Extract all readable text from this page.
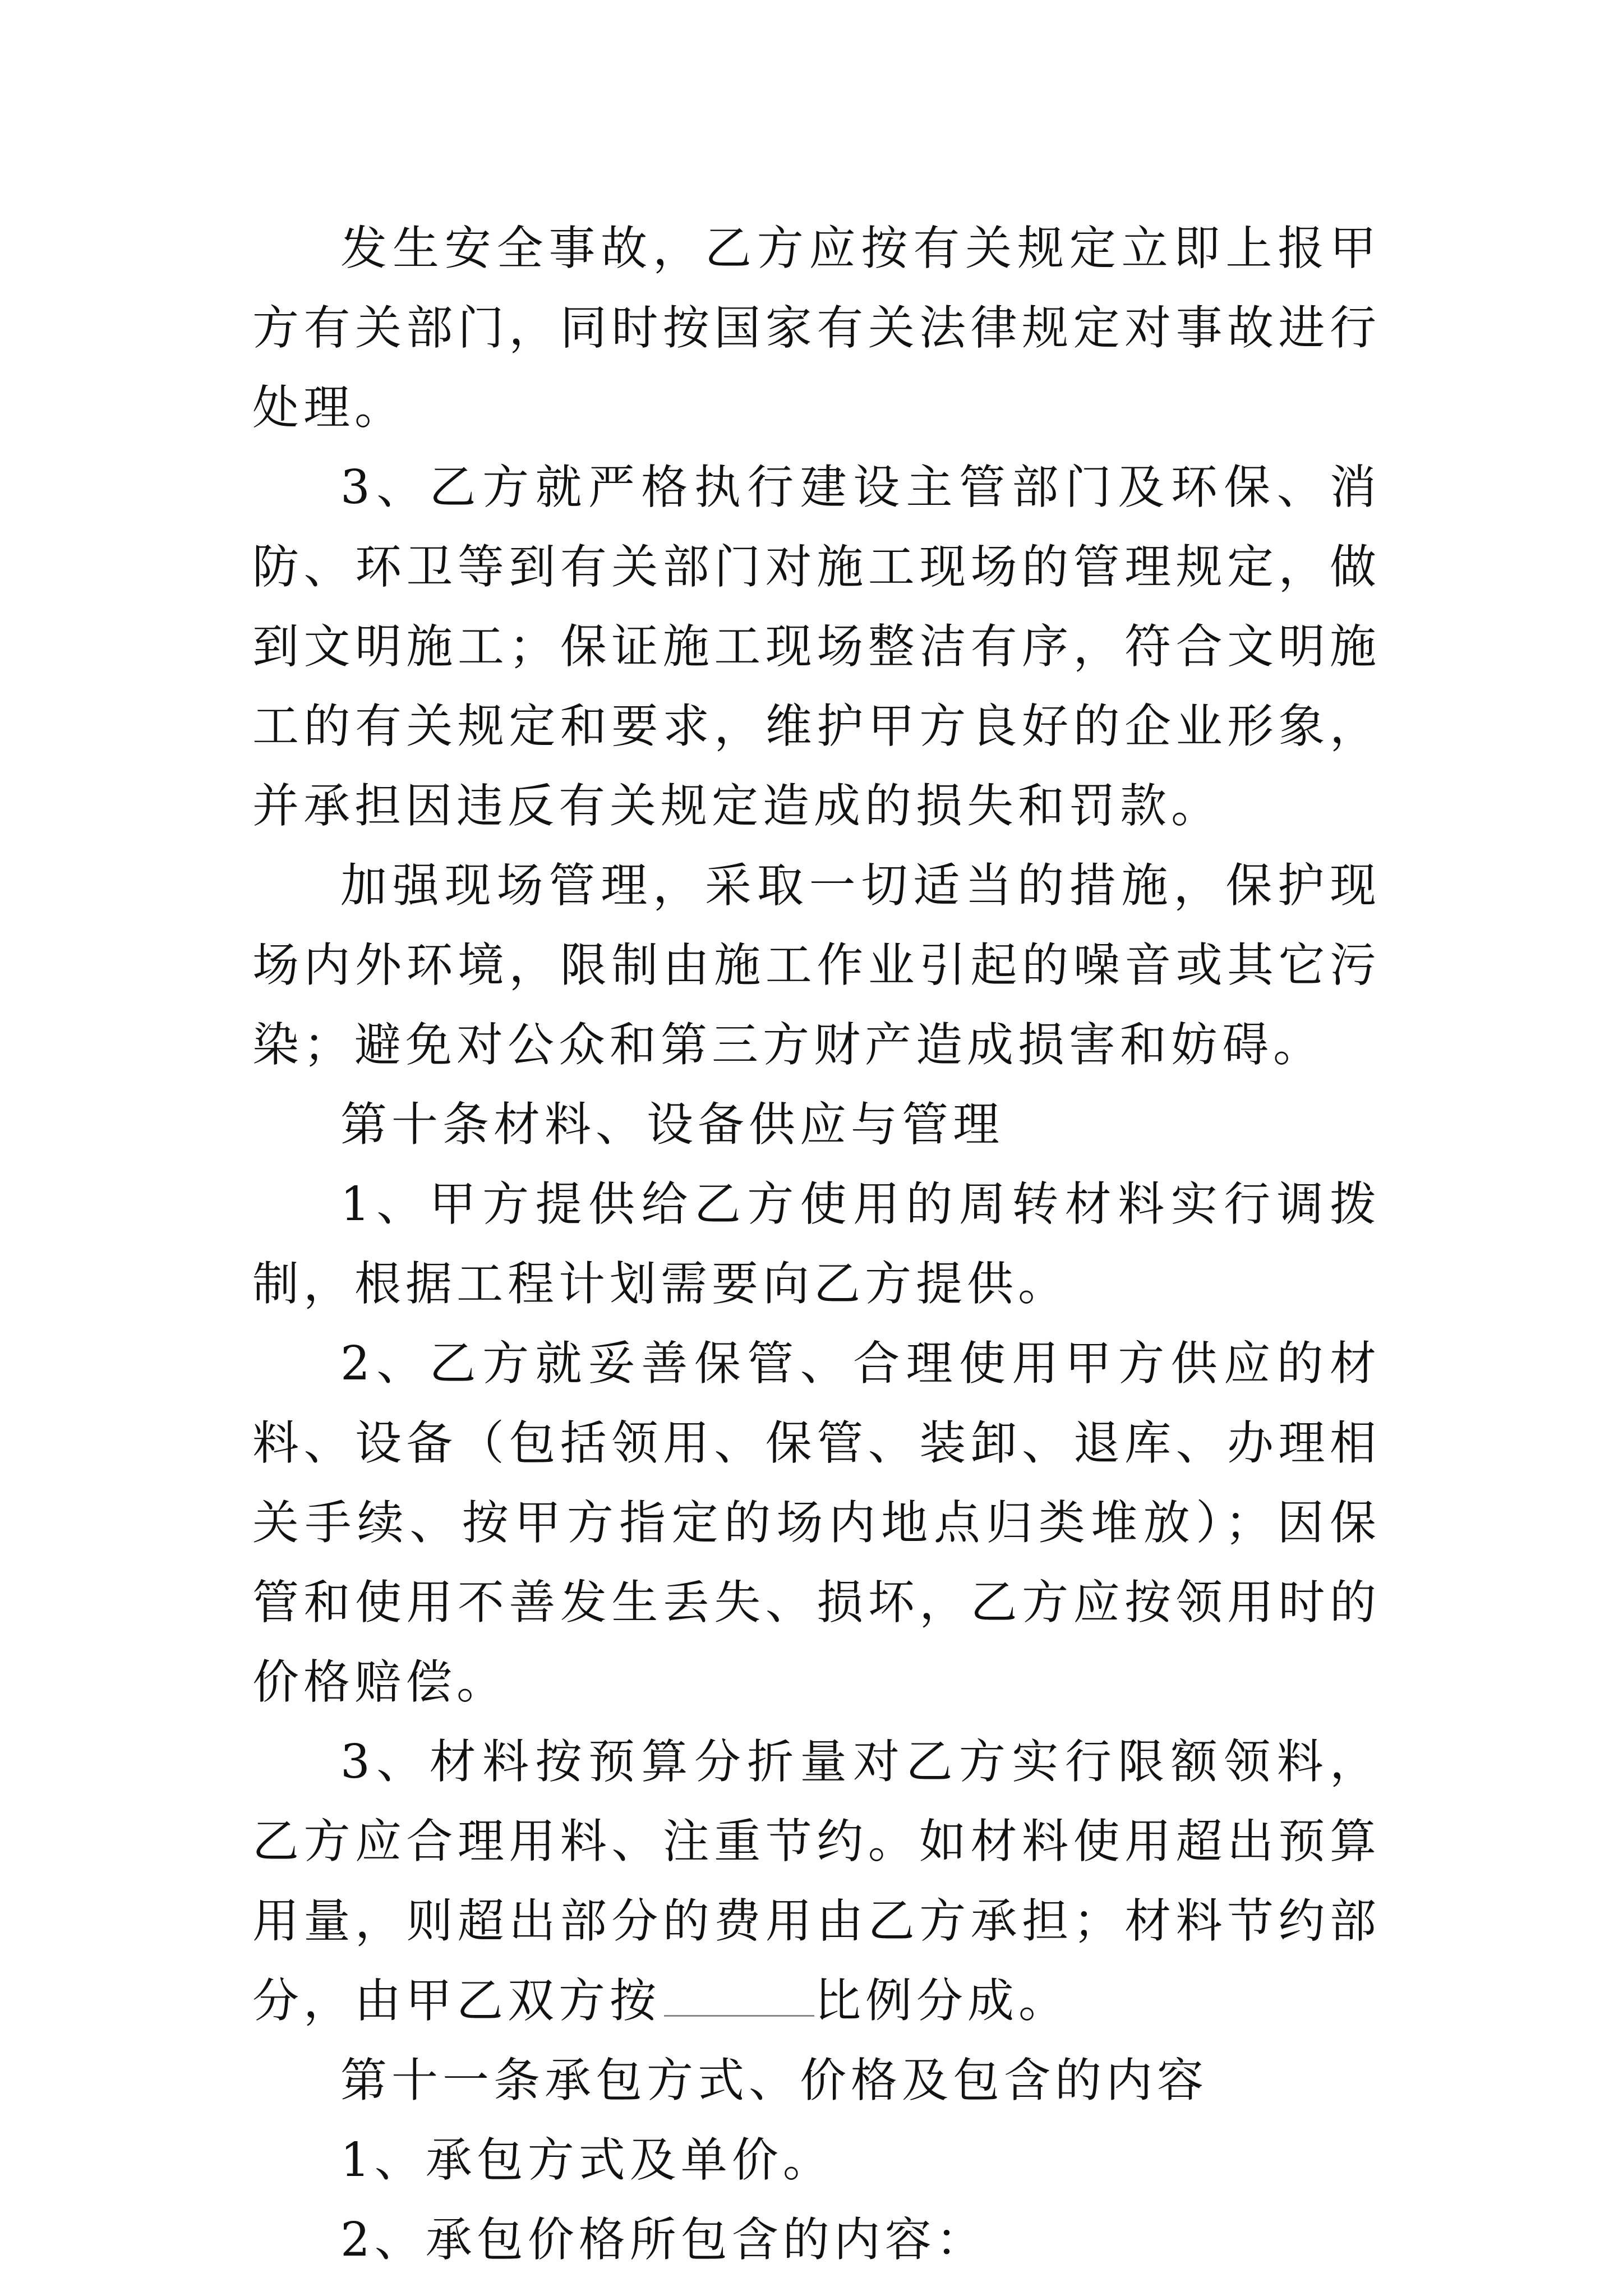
发生安全事故，乙方应按有关规定立即上报甲方有关部门，同时按国家有关法律规定对事故进行处理。

3、乙方就严格执行建设主管部门及环保、消防、环卫等到有关部门对施工现场的管理规定，做到文明施工；保证施工现场整洁有序，符合文明施工的有关规定和要求，维护甲方良好的企业形象，并承担因违反有关规定造成的损失和罚款。

加强现场管理，采取一切适当的措施，保护现场内外环境，限制由施工作业引起的噪音或其它污染；避免对公众和第三方财产造成损害和妨碍。

第十条材料、设备供应与管理

1、甲方提供给乙方使用的周转材料实行调拨制，根据工程计划需要向乙方提供。

2、乙方就妥善保管、合理使用甲方供应的材料、设备（包括领用、保管、装卸、退库、办理相关手续、按甲方指定的场内地点归类堆放）；因保管和使用不善发生丢失、损坏，乙方应按领用时的价格赔偿。

3、材料按预算分折量对乙方实行限额领料，乙方应合理用料、注重节约。如材料使用超出预算用量，则超出部分的费用由乙方承担；材料节约部分，由甲乙双方按	比例分成。

第十一条承包方式、价格及包含的内容

1、承包方式及单价。

2、承包价格所包含的内容：
